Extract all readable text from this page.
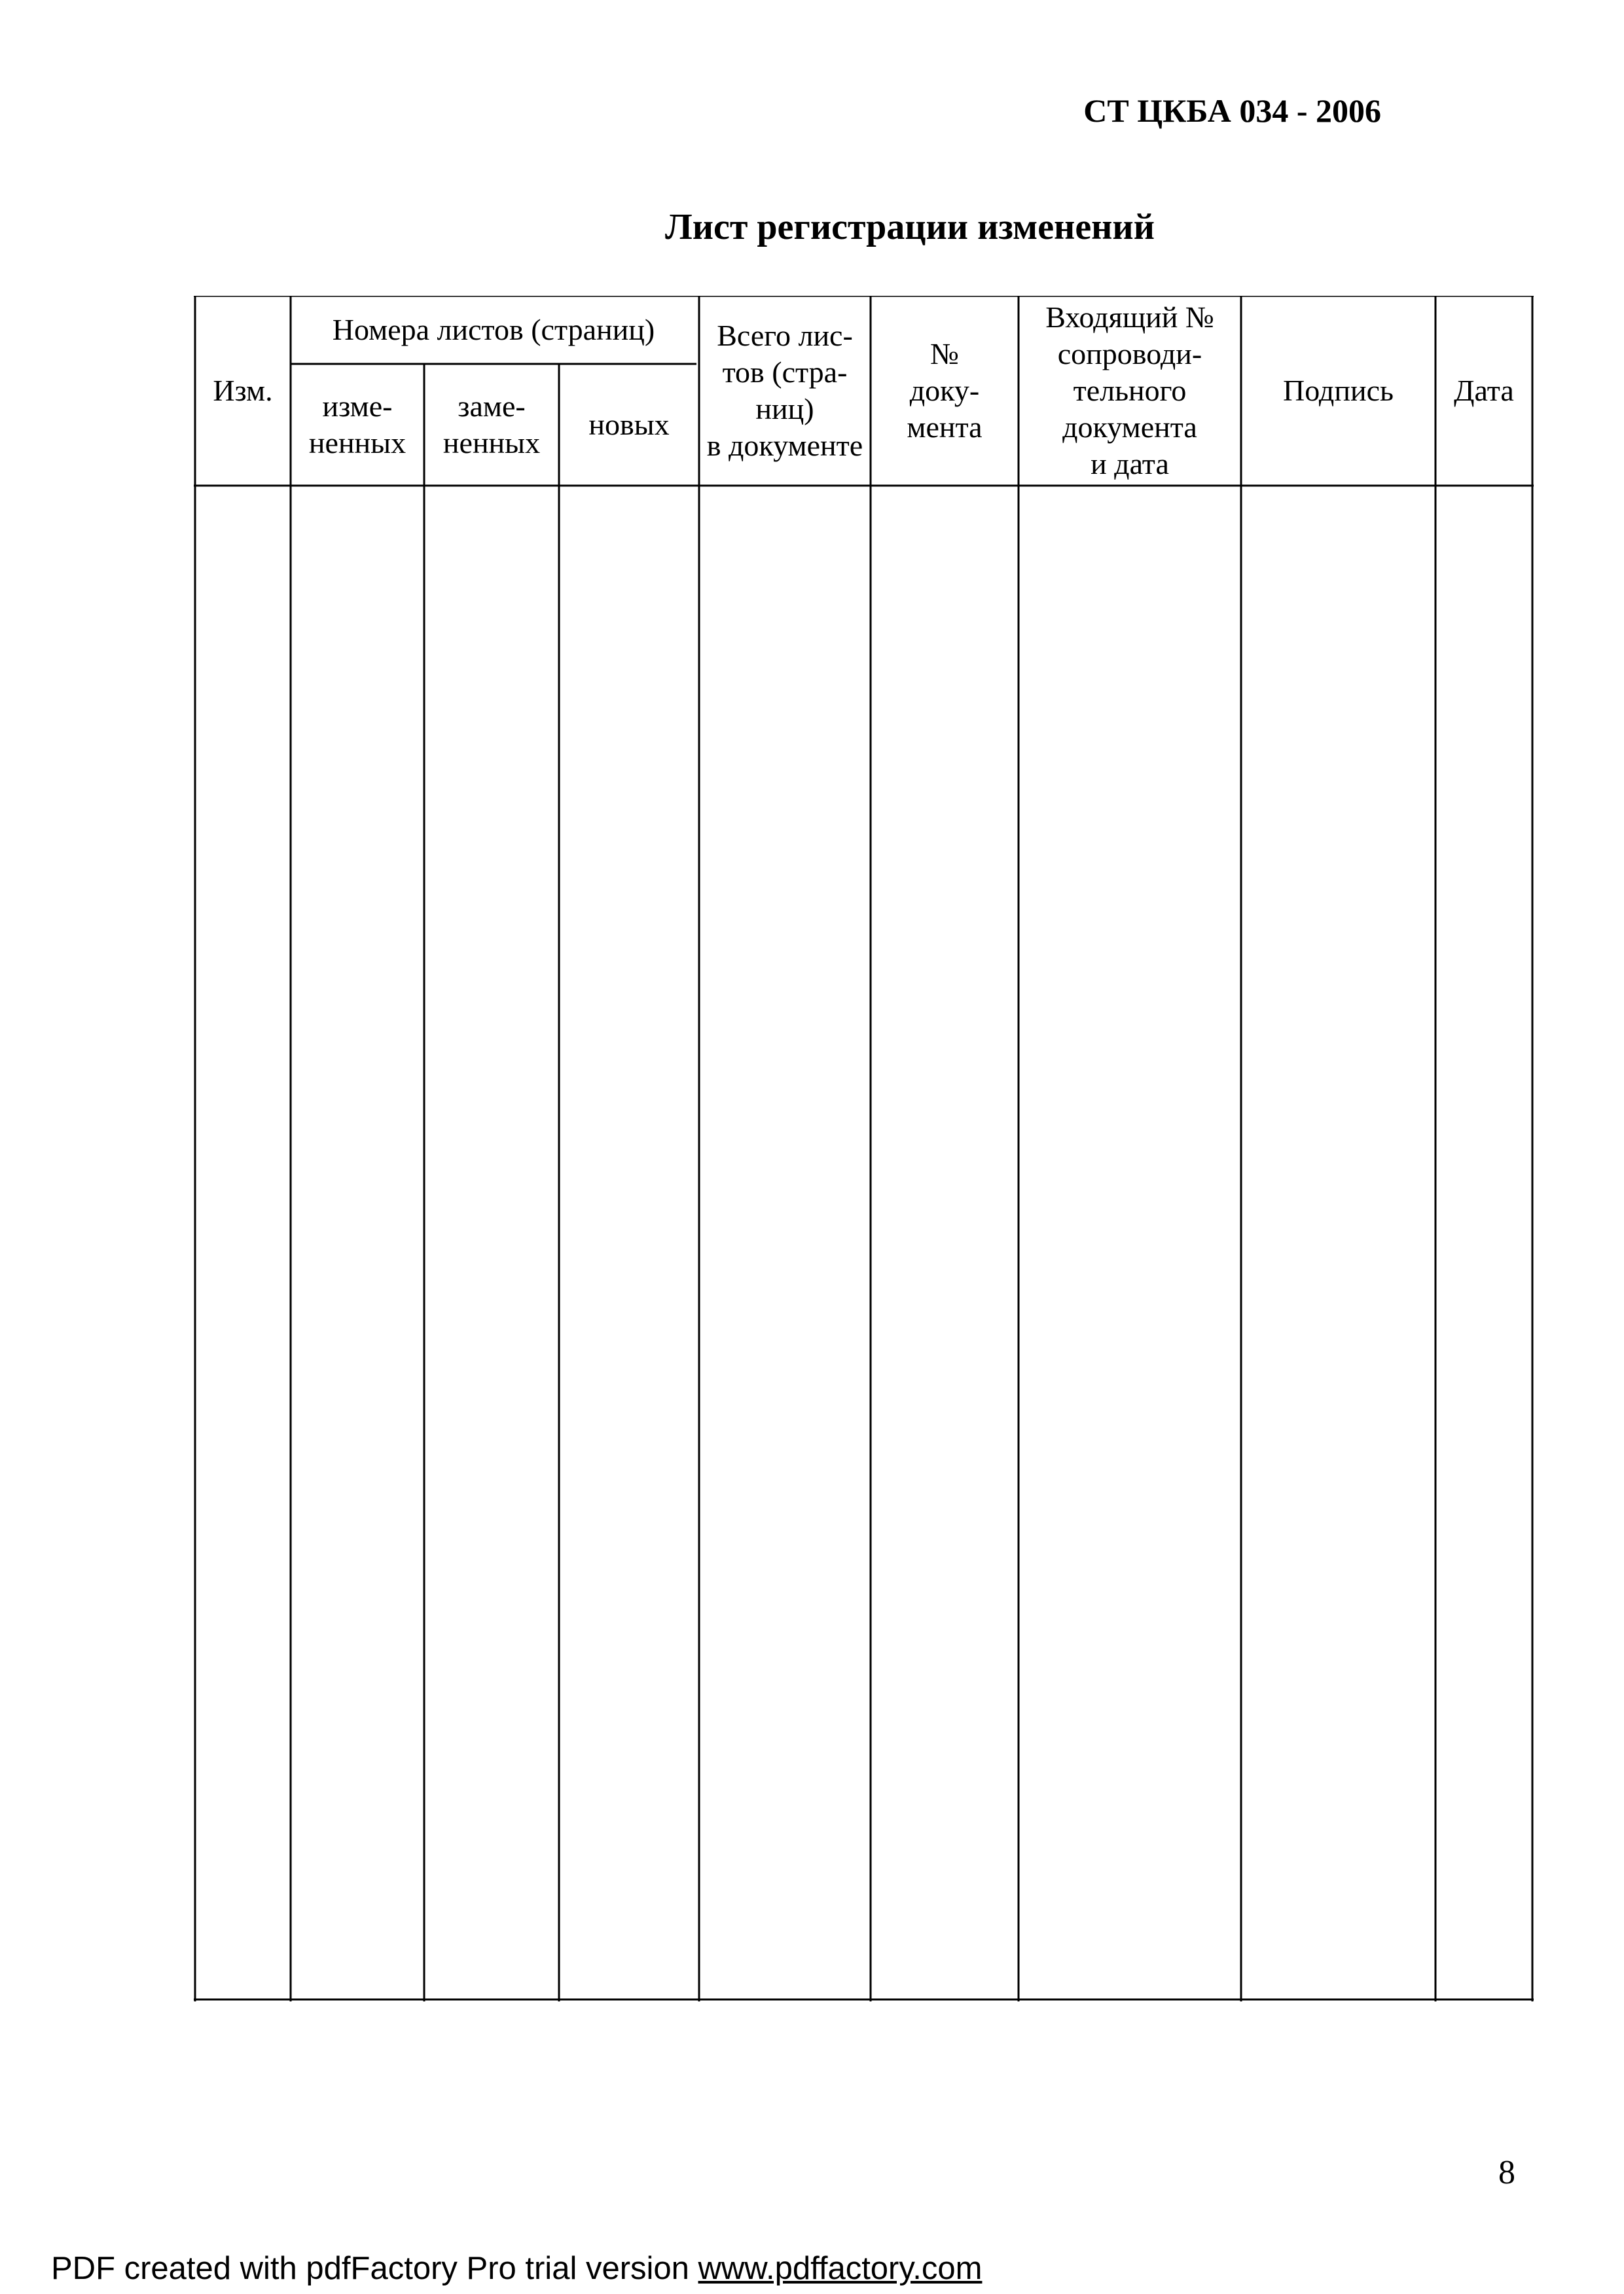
СТ ЦКБА 034 - 2006
Лист регистрации изменений
Изм.
Номера листов (страниц)
изме-
ненных
заме-
ненных
новых
Всего лис-
тов (стра-
ниц)
в документе
№
доку-
мента
Входящий №
сопроводи-
тельного
документа
и дата
Подпись	Дата
8
PDF created with pdfFactory Pro trial version www.pdffactory.com
